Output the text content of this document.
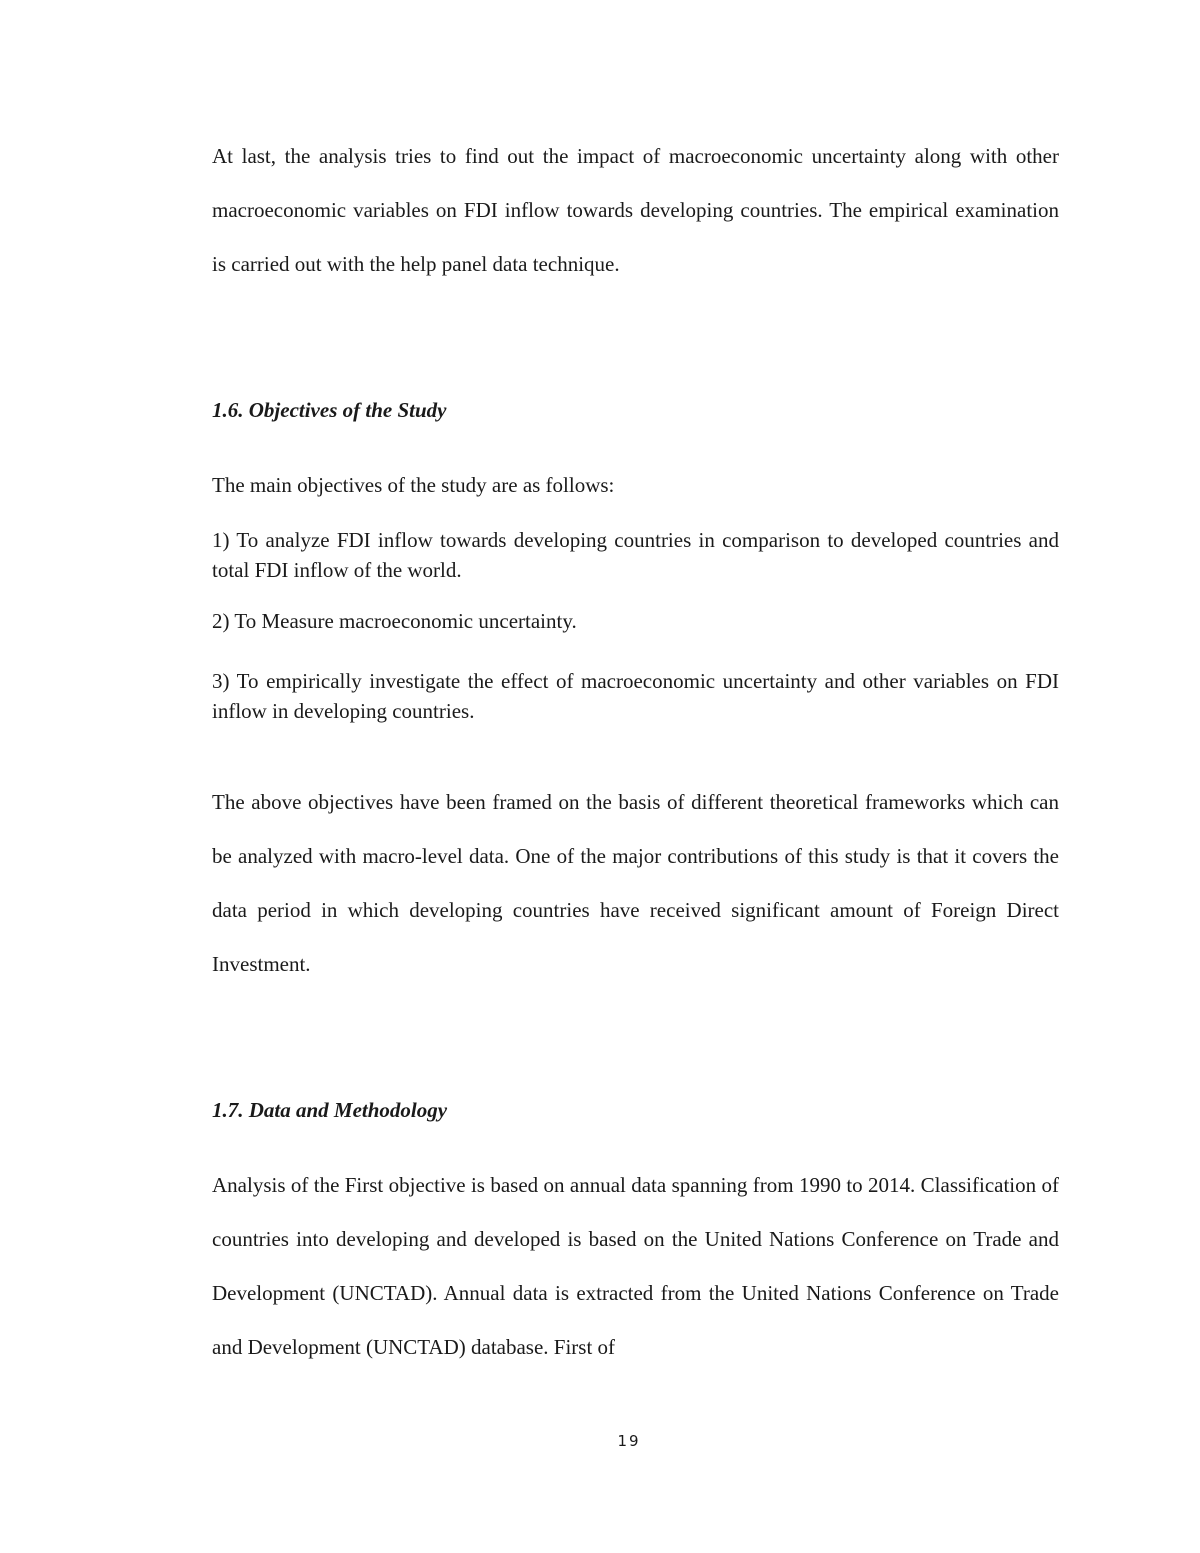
At last, the analysis tries to find out the impact of macroeconomic uncertainty along with other macroeconomic variables on FDI inflow towards developing countries. The empirical examination is carried out with the help panel data technique.

1.6. Objectives of the Study

The main objectives of the study are as follows:

1) To analyze FDI inflow towards developing countries in comparison to developed countries and total FDI inflow of the world.

2) To Measure macroeconomic uncertainty.

3) To empirically investigate the effect of macroeconomic uncertainty and other variables on FDI inflow in developing countries.

The above objectives have been framed on the basis of different theoretical frameworks which can be analyzed with macro-level data. One of the major contributions of this study is that it covers the data period in which developing countries have received significant amount of Foreign Direct Investment.

1.7. Data and Methodology

Analysis of the First objective is based on annual data spanning from 1990 to 2014. Classification of countries into developing and developed is based on the United Nations Conference on Trade and Development (UNCTAD). Annual data is extracted from the United Nations Conference on Trade and Development (UNCTAD) database. First of

19
